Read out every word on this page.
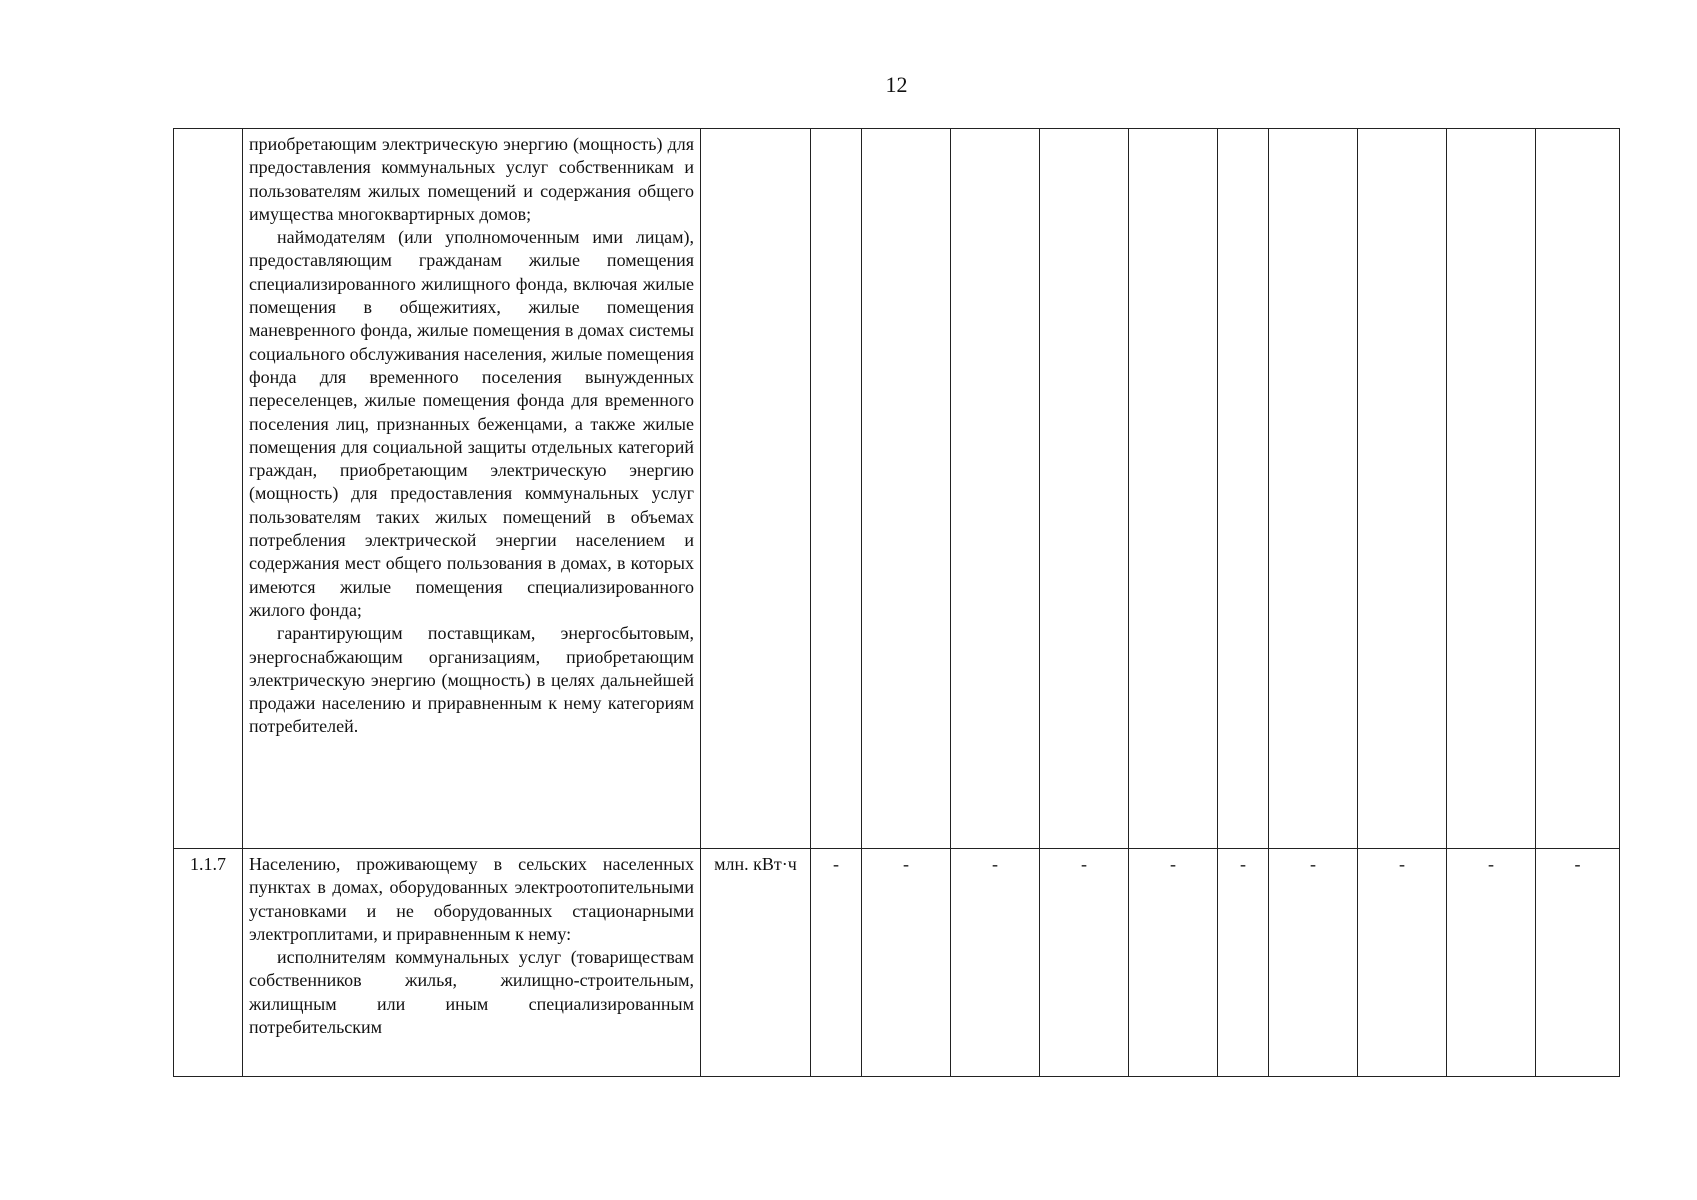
12

	приобретающим электрическую энергию (мощность) для предоставления коммунальных услуг собственникам и пользователям жилых помещений и содержания общего имущества многоквартирных домов;

наймодателям (или уполномоченным ими лицам), предоставляющим гражданам жилые помещения специализированного жилищного фонда, включая жилые помещения в общежитиях, жилые помещения маневренного фонда, жилые помещения в домах системы социального обслуживания населения, жилые помещения фонда для временного поселения вынужденных переселенцев, жилые помещения фонда для временного поселения лиц, признанных беженцами, а также жилые помещения для социальной защиты отдельных категорий граждан, приобретающим электрическую энергию (мощность) для предоставления коммунальных услуг пользователям таких жилых помещений в объемах потребления электрической энергии населением и содержания мест общего пользования в домах, в которых имеются жилые помещения специализированного жилого фонда;

гарантирующим поставщикам, энергосбытовым, энергоснабжающим организациям, приобретающим электрическую энергию (мощность) в целях дальнейшей продажи населению и приравненным к нему категориям потребителей.											

1.1.7	Населению, проживающему в сельских населенных пунктах в домах, оборудованных электроотопительными установками и не оборудованных стационарными электроплитами, и приравненным к нему:

исполнителям коммунальных услуг (товариществам собственников жилья, жилищно-строительным, жилищным или иным специализированным потребительским	млн. кВт·ч	-	-	-	-	-	-	-	-	-	-
